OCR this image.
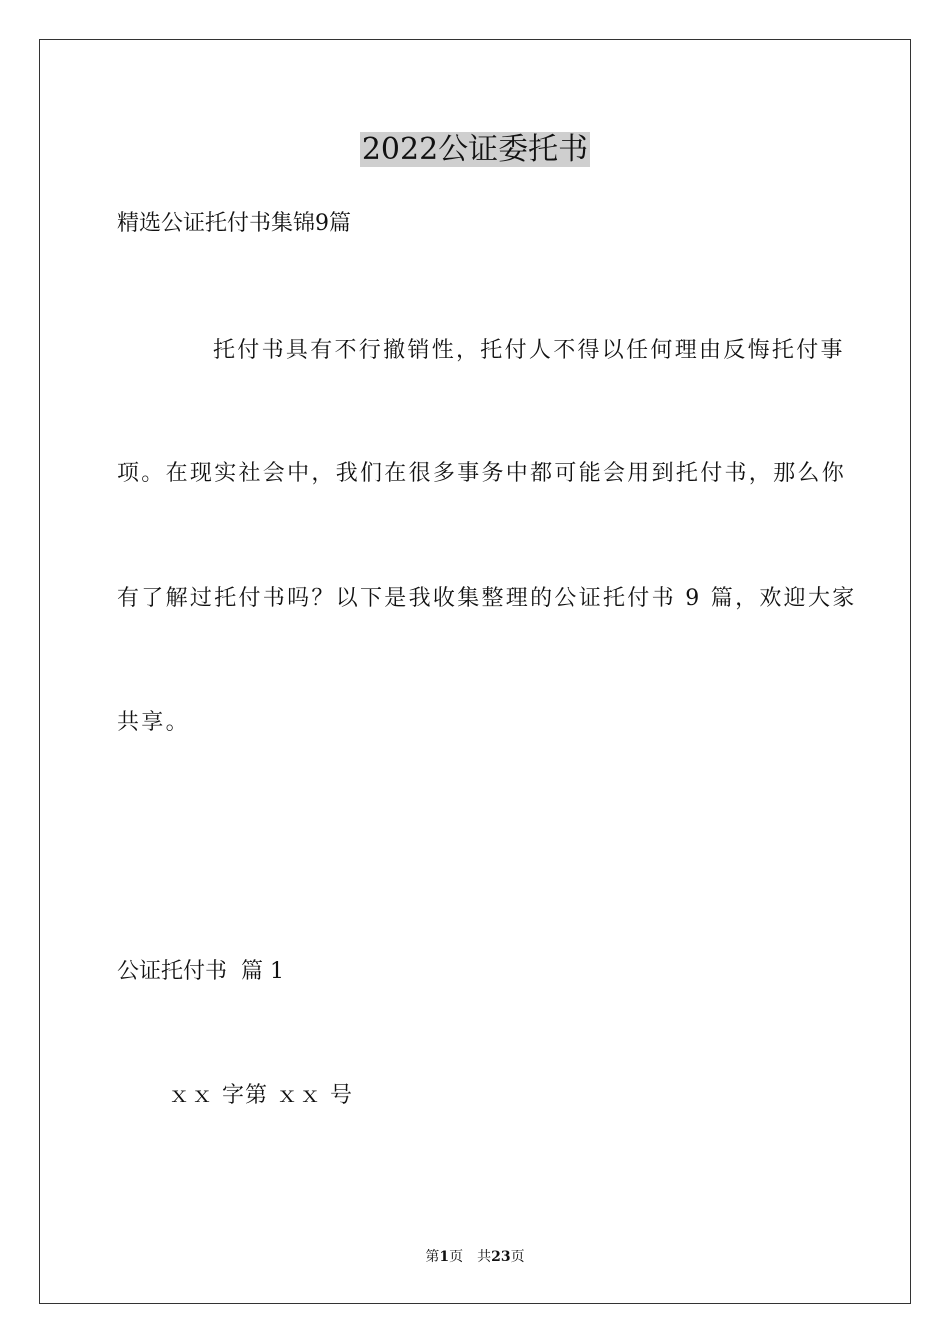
2022公证委托书
精选公证托付书集锦9篇
托付书具有不行撤销性，托付人不得以任何理由反悔托付事
项。在现实社会中，我们在很多事务中都可能会用到托付书，那么你
有了解过托付书吗？以下是我收集整理的公证托付书 9 篇，欢迎大家
共享。
公证托付书  篇 1
ｘｘ 字第 ｘｘ 号
第1页　共23页
